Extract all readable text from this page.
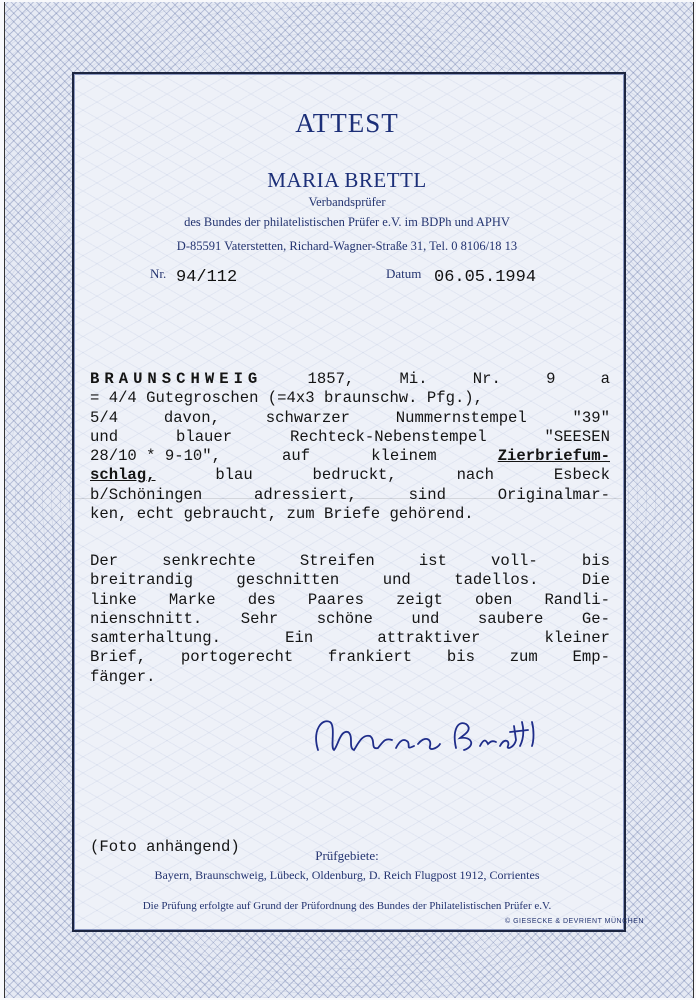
ATTEST
MARIA BRETTL
Verbandsprüfer
des Bundes der philatelistischen Prüfer e.V. im BDPh und APHV
D-85591 Vaterstetten, Richard-Wagner-Straße 31, Tel. 0 8106/18 13
Nr. 94/112	Datum 06.05.1994
BRAUNSCHWEIG	1857,	Mi.	Nr.	9	a
= 4/4 Gutegroschen (=4x3 braunschw. Pfg.),
5/4	davon,	schwarzer	Nummernstempel	"39"
und	blauer	Rechteck-Nebenstempel	"SEESEN
28/10 * 9-10",	auf	kleinem	Zierbriefum-
schlag,	blau	bedruckt,	nach	Esbeck
b/Schöningen	adressiert,	sind	Originalmar-
ken, echt gebraucht, zum Briefe gehörend.
Der	senkrechte	Streifen	ist	voll-	bis
breitrandig	geschnitten	und	tadellos.	Die
linke Marke des Paares zeigt oben Randli-
nienschnitt. Sehr schöne und saubere Ge-
samterhaltung.	Ein	attraktiver	kleiner
Brief, portogerecht frankiert bis zum Emp-
fänger.
(Foto anhängend)	Prüfgebiete:
Bayern, Braunschweig, Lübeck, Oldenburg, D. Reich Flugpost 1912, Corrientes
Die Prüfung erfolgte auf Grund der Prüfordnung des Bundes der Philatelistischen Prüfer e.V.
© GIESECKE & DEVRIENT MÜNCHEN
